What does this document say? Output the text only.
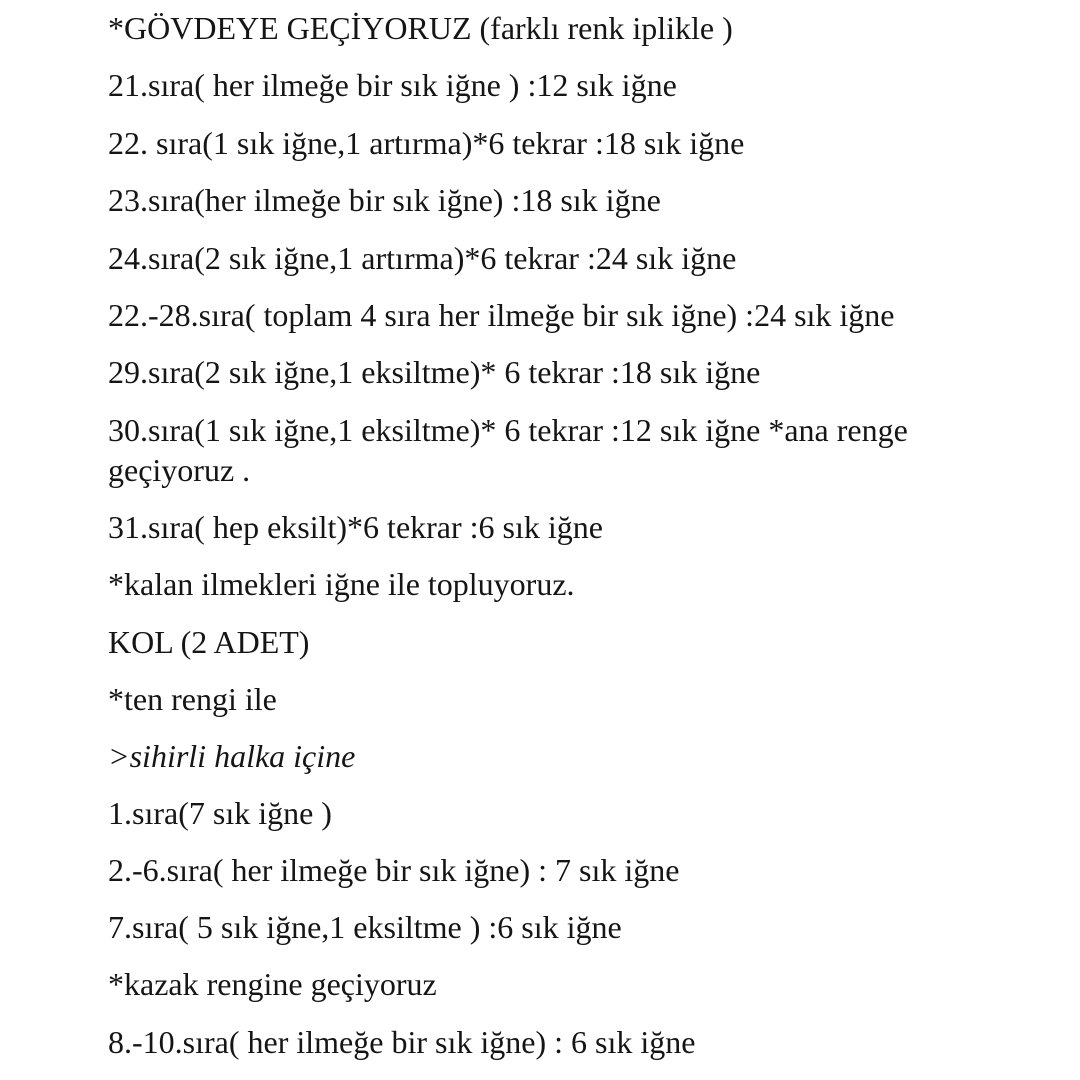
*GÖVDEYE GEÇİYORUZ (farklı renk iplikle )

21.sıra( her ilmeğe bir sık iğne ) :12 sık iğne

22. sıra(1 sık iğne,1 artırma)*6 tekrar :18 sık iğne

23.sıra(her ilmeğe bir sık iğne) :18 sık iğne

24.sıra(2 sık iğne,1 artırma)*6 tekrar :24 sık iğne

22.-28.sıra( toplam 4 sıra her ilmeğe bir sık iğne) :24 sık iğne

29.sıra(2 sık iğne,1 eksiltme)* 6 tekrar :18 sık iğne

30.sıra(1 sık iğne,1 eksiltme)* 6 tekrar :12 sık iğne *ana renge geçiyoruz .

31.sıra( hep eksilt)*6 tekrar :6 sık iğne

*kalan ilmekleri iğne ile topluyoruz.

KOL (2 ADET)

*ten rengi ile

>sihirli halka içine

1.sıra(7 sık iğne )

2.-6.sıra( her ilmeğe bir sık iğne) : 7 sık iğne

7.sıra( 5 sık iğne,1 eksiltme ) :6 sık iğne

*kazak rengine geçiyoruz

8.-10.sıra( her ilmeğe bir sık iğne) : 6 sık iğne
